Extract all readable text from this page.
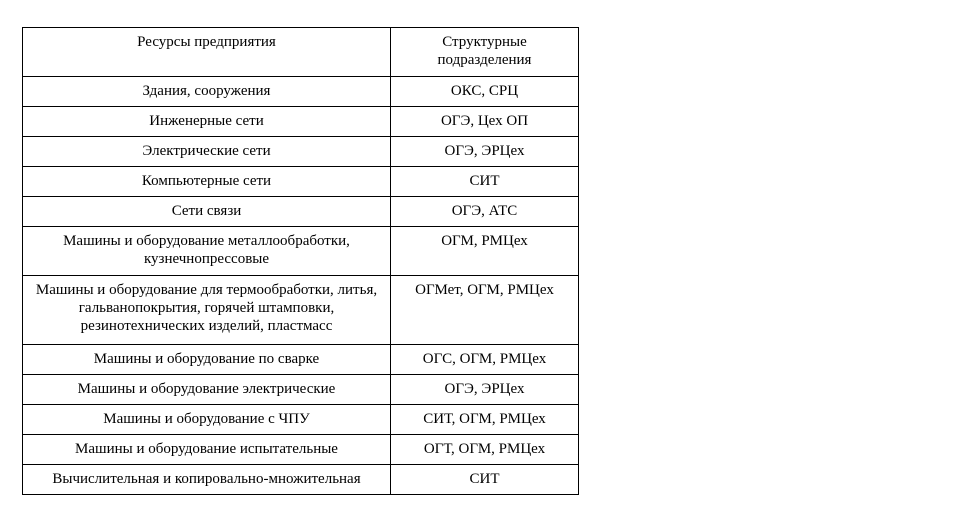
Ресурсы предприятия	Структурные подразделения
Здания, сооружения	ОКС, СРЦ
Инженерные сети	ОГЭ, Цех ОП
Электрические сети	ОГЭ, ЭРЦех
Компьютерные сети	СИТ
Сети связи	ОГЭ, АТС
Машины и оборудование металлообработки, кузнечнопрессовые	ОГМ, РМЦех
Машины и оборудование для термообработки, литья, гальванопокрытия, горячей штамповки, резинотехнических изделий, пластмасс	ОГМет, ОГМ, РМЦех
Машины и оборудование по сварке	ОГС, ОГМ, РМЦех
Машины и оборудование электрические	ОГЭ, ЭРЦех
Машины и оборудование с ЧПУ	СИТ, ОГМ, РМЦех
Машины и оборудование испытательные	ОГТ, ОГМ, РМЦех
Вычислительная и копировально-множительная	СИТ
